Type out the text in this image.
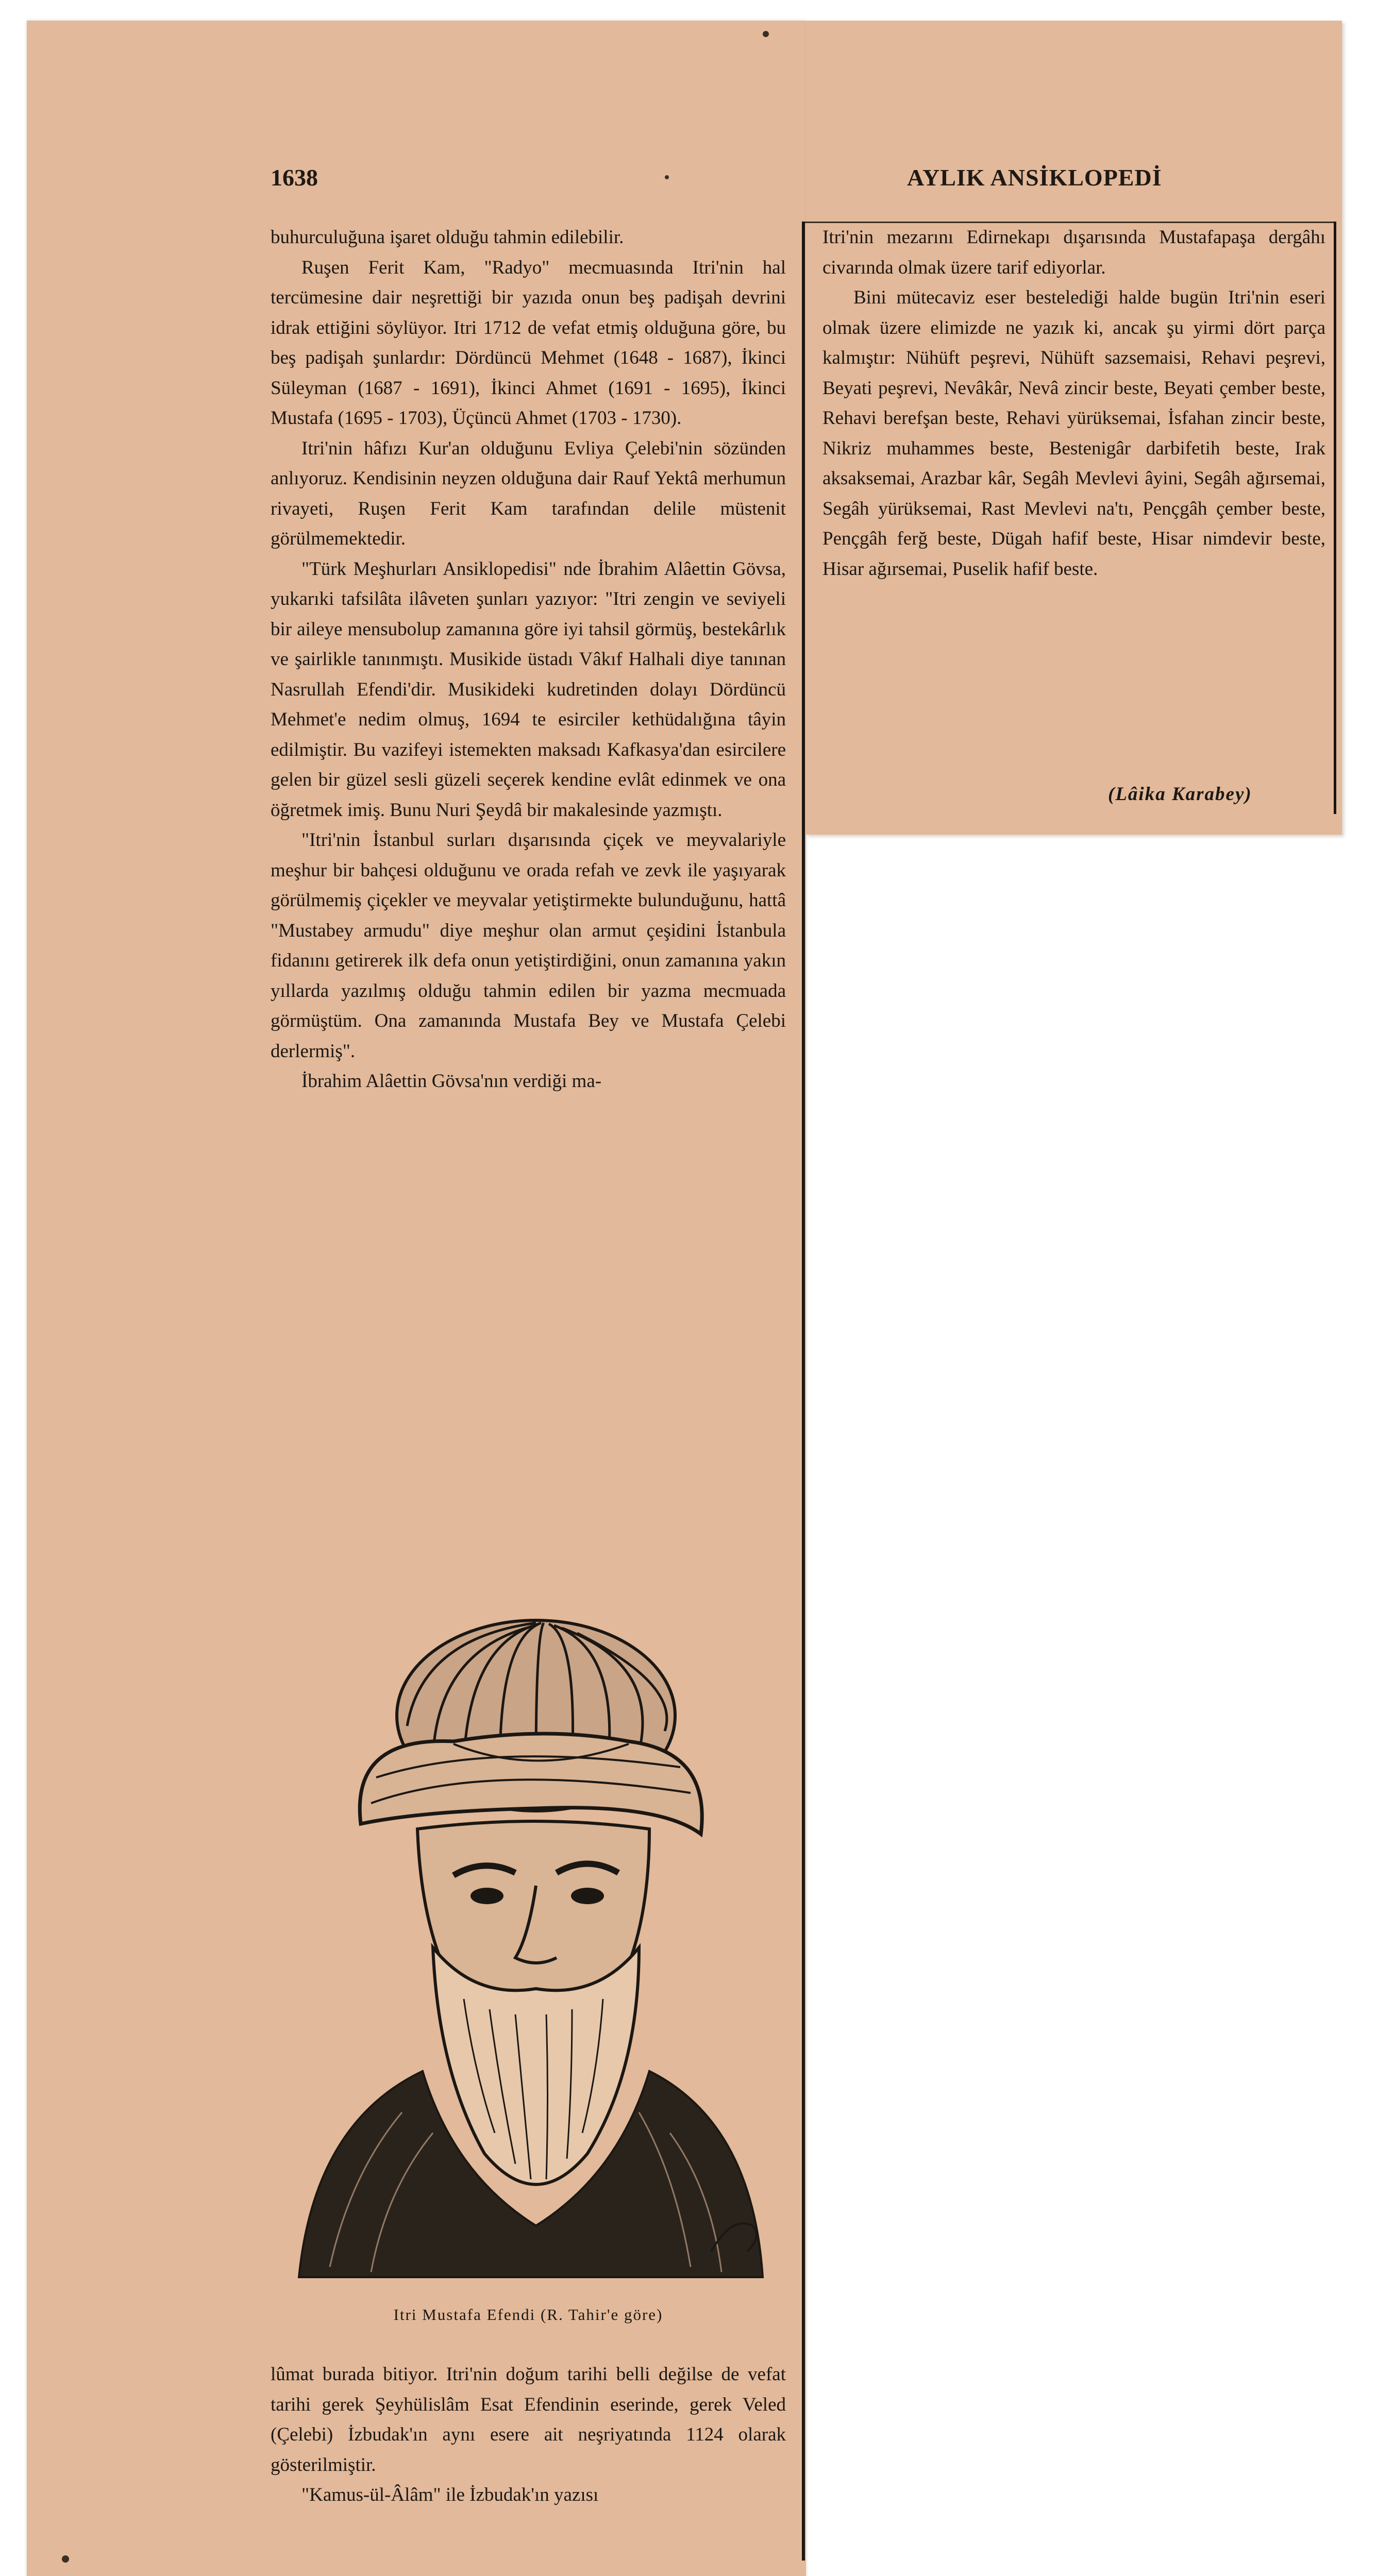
1638	AYLIK ANSİKLOPEDİ

buhurculuğuna işaret olduğu tahmin edilebilir.

Ruşen Ferit Kam, "Radyo" mecmuasında Itri'nin hal tercümesine dair neşrettiği bir yazıda onun beş padişah devrini idrak ettiğini söylüyor. Itri 1712 de vefat etmiş olduğuna göre, bu beş padişah şunlardır: Dördüncü Mehmet (1648 - 1687), İkinci Süleyman (1687 - 1691), İkinci Ahmet (1691 - 1695), İkinci Mustafa (1695 - 1703), Üçüncü Ahmet (1703 - 1730).

Itri'nin hâfızı Kur'an olduğunu Evliya Çelebi'nin sözünden anlıyoruz. Kendisinin neyzen olduğuna dair Rauf Yektâ merhumun rivayeti, Ruşen Ferit Kam tarafından delile müstenit görülmemektedir.

"Türk Meşhurları Ansiklopedisi" nde İbrahim Alâettin Gövsa, yukarıki tafsilâta ilâveten şunları yazıyor: "Itri zengin ve seviyeli bir aileye mensubolup zamanına göre iyi tahsil görmüş, bestekârlık ve şairlikle tanınmıştı. Musikide üstadı Vâkıf Halhali diye tanınan Nasrullah Efendi'dir. Musikideki kudretinden dolayı Dördüncü Mehmet'e nedim olmuş, 1694 te esirciler kethüdalığına tâyin edilmiştir. Bu vazifeyi istemekten maksadı Kafkasya'dan esircilere gelen bir güzel sesli güzeli seçerek kendine evlât edinmek ve ona öğretmek imiş. Bunu Nuri Şeydâ bir makalesinde yazmıştı.

"Itri'nin İstanbul surları dışarısında çiçek ve meyvalariyle meşhur bir bahçesi olduğunu ve orada refah ve zevk ile yaşıyarak görülmemiş çiçekler ve meyvalar yetiştirmekte bulunduğunu, hattâ "Mustabey armudu" diye meşhur olan armut çeşidini İstanbula fidanını getirerek ilk defa onun yetiştirdiğini, onun zamanına yakın yıllarda yazılmış olduğu tahmin edilen bir yazma mecmuada görmüştüm. Ona zamanında Mustafa Bey ve Mustafa Çelebi derlermiş".

İbrahim Alâettin Gövsa'nın verdiği ma-

Itri'nin mezarını Edirnekapı dışarısında Mustafapaşa dergâhı civarında olmak üzere tarif ediyorlar.

Bini mütecaviz eser bestelediği halde bugün Itri'nin eseri olmak üzere elimizde ne yazık ki, ancak şu yirmi dört parça kalmıştır: Nühüft peşrevi, Nühüft sazsemaisi, Rehavi peşrevi, Beyati peşrevi, Nevâkâr, Nevâ zincir beste, Beyati çember beste, Rehavi berefşan beste, Rehavi yürüksemai, İsfahan zincir beste, Nikriz muhammes beste, Bestenigâr darbifetih beste, Irak aksaksemai, Arazbar kâr, Segâh Mevlevi âyini, Segâh ağırsemai, Segâh yürüksemai, Rast Mevlevi na'tı, Pençgâh çember beste, Pençgâh ferğ beste, Dügah hafif beste, Hisar nimdevir beste, Hisar ağırsemai, Puselik hafif beste.

(Lâika Karabey)
Itri Mustafa Efendi (R. Tahir'e göre)

lûmat burada bitiyor. Itri'nin doğum tarihi belli değilse de vefat tarihi gerek Şeyhülislâm Esat Efendinin eserinde, gerek Veled (Çelebi) İzbudak'ın aynı esere ait neşriyatında 1124 olarak gösterilmiştir.

"Kamus-ül-Âlâm" ile İzbudak'ın yazısı
